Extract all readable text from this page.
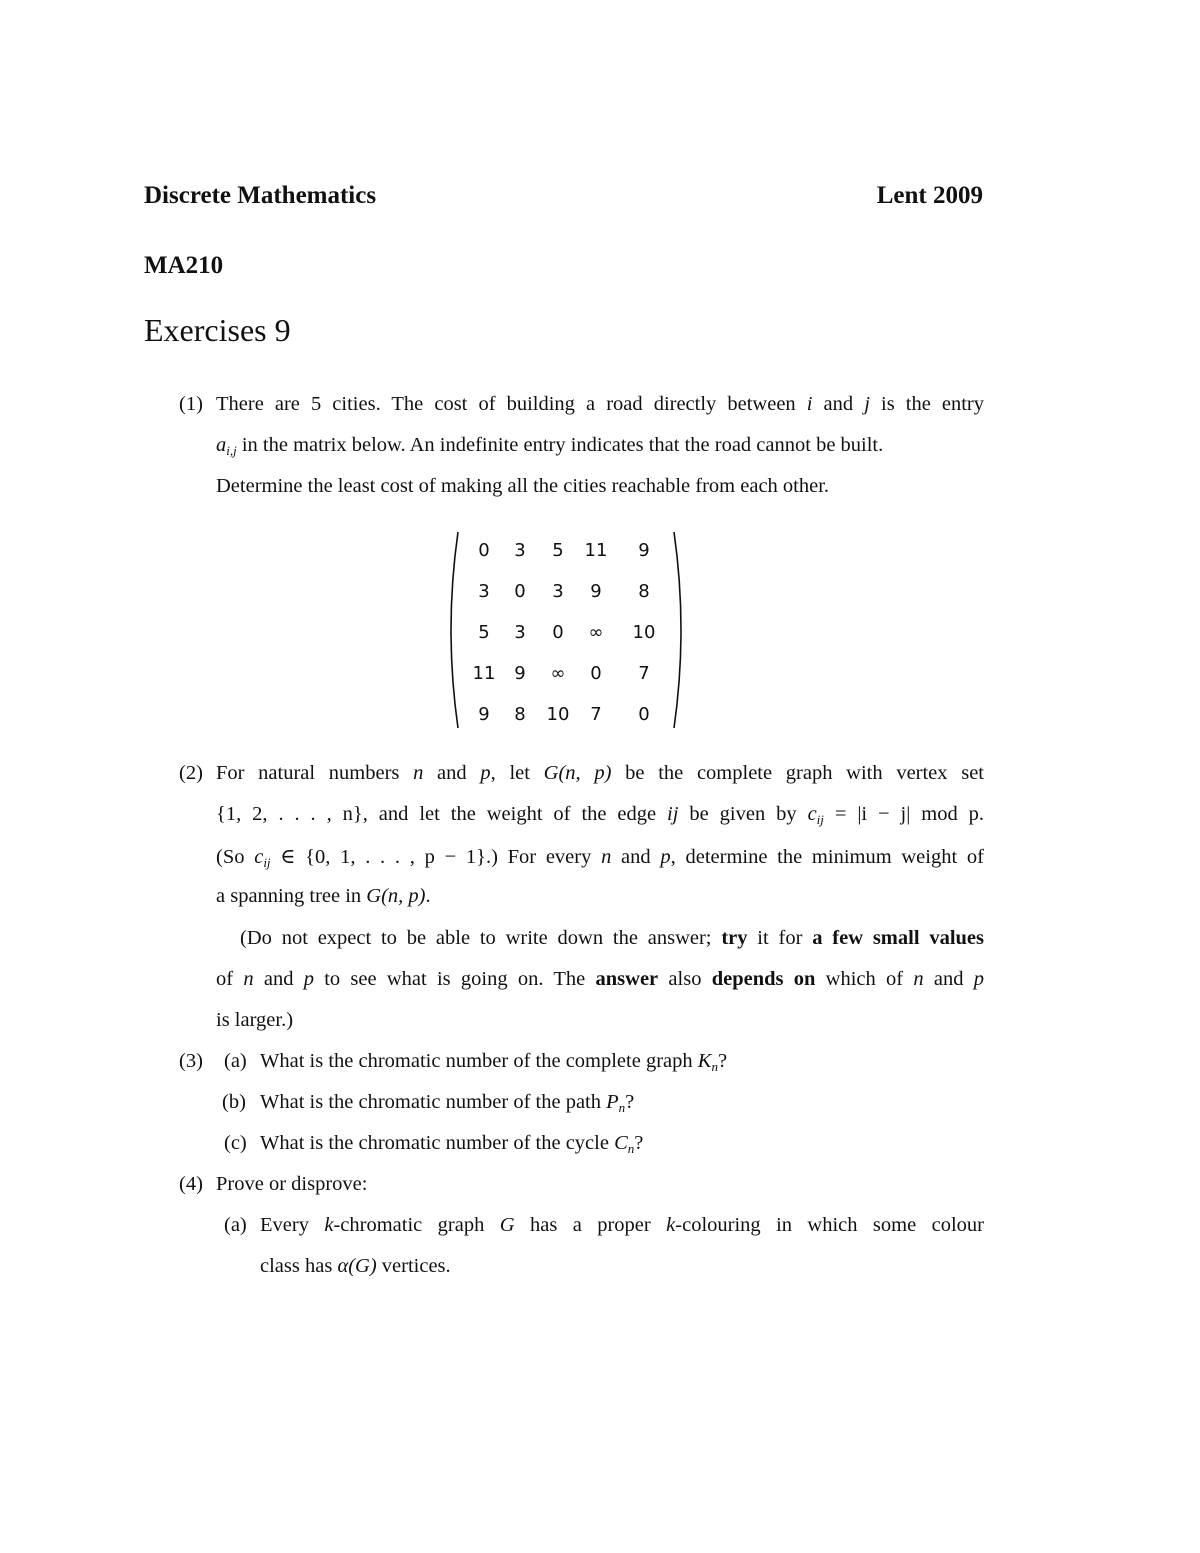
Discrete Mathematics	Lent 2009
MA210
Exercises 9
(1) There are 5 cities. The cost of building a road directly between i and j is the entry
$a_{i,j}$ in the matrix below. An indefinite entry indicates that the road cannot be built.
Determine the least cost of making all the cities reachable from each other.
0	3	5	11	9
3	0	3	9	8
5	3	0	∞	10
11	9	∞	0	7
9	8	10	7	0
(2) For natural numbers n and p, let G(n, p) be the complete graph with vertex set
{1, 2, . . . , n}, and let the weight of the edge ij be given by $c_{ij} = |i - j|$ mod p.
(So $c_{ij}$ ∈ {0, 1, . . . , p − 1}.) For every n and p, determine the minimum weight of
a spanning tree in G(n, p).
(Do not expect to be able to write down the answer; try it for a few small values
of n and p to see what is going on. The answer also depends on which of n and p
is larger.)
(3) (a) What is the chromatic number of the complete graph $K_n$?
(b) What is the chromatic number of the path $P_n$?
(c) What is the chromatic number of the cycle $C_n$?
(4) Prove or disprove:
(a) Every k-chromatic graph G has a proper k-colouring in which some colour
class has α(G) vertices.
